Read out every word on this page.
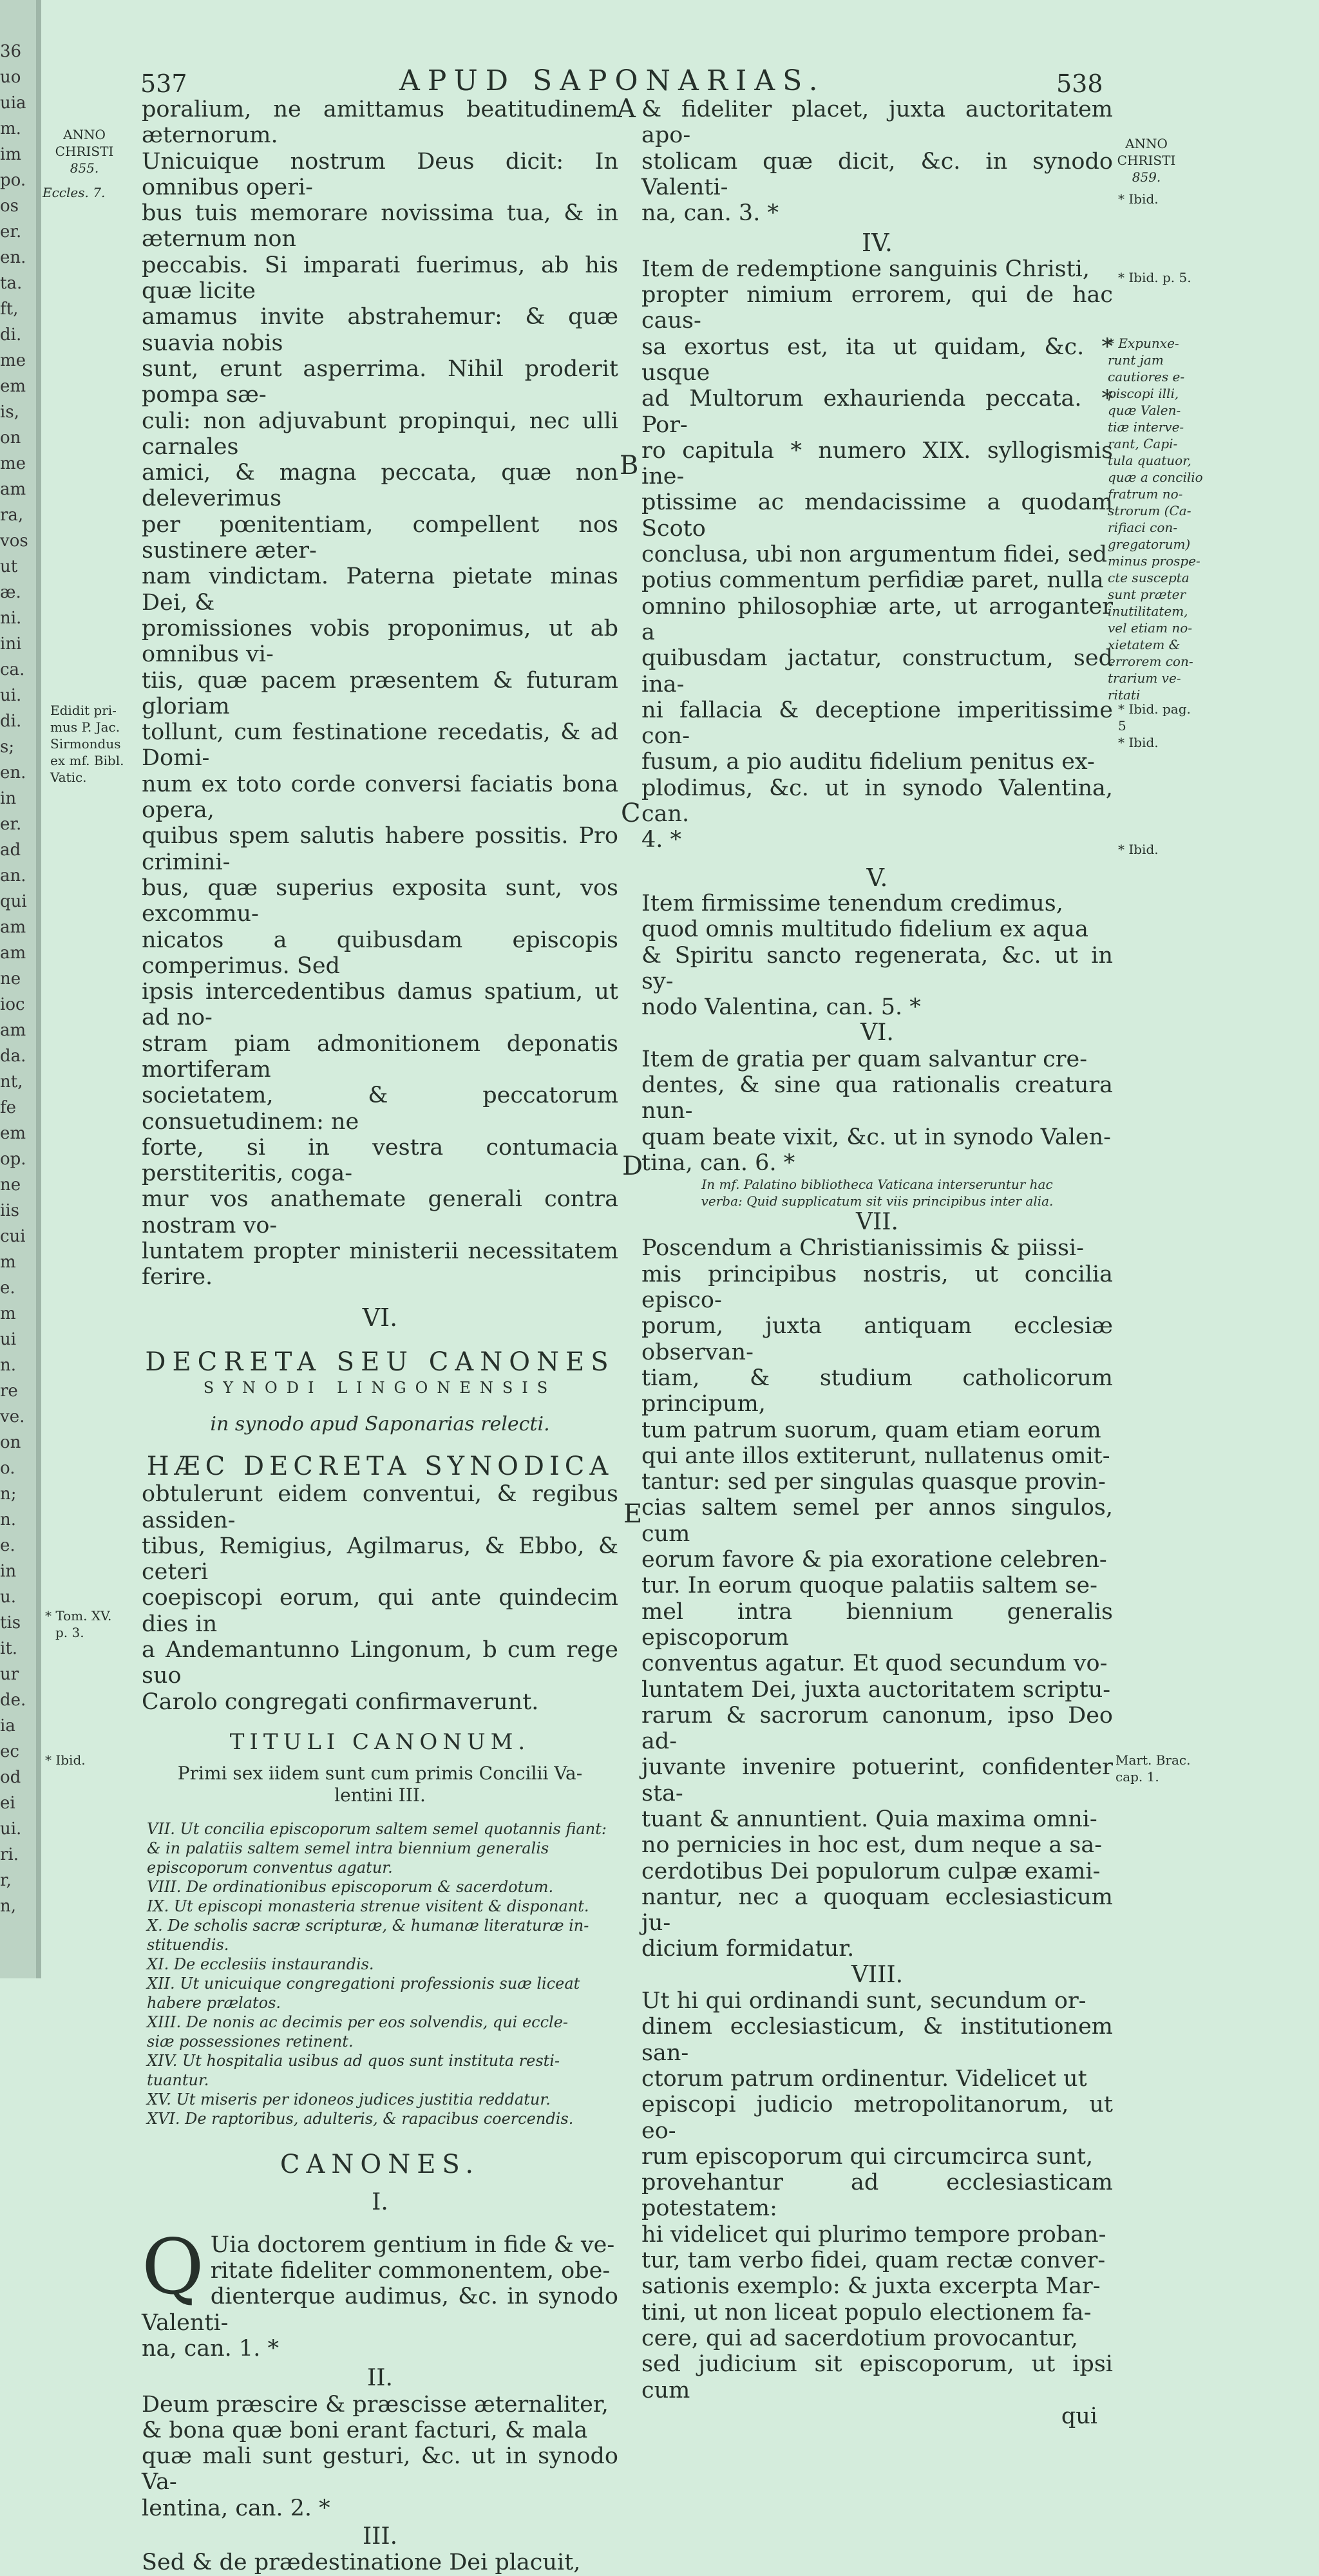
36
uo
uia
m.
im
po.
os
er.
en.
ta.
ft,
di.
me
em
is,
on
me
am
ra,
vos
ut
æ.
ni.
ini
ca.
ui.
di.
s;
en.
in
er.
ad
an.
qui
am
am
ne
ioc
am
da.
nt,
fe
em
op.
ne
iis
cui
m
e.
m
ui
n.
re
ve.
on
o.
n;
n.
e.
in
u.
tis
it.
ur
de.
ia
ec
od
ei
ui.
ri.
r,
n,
537	APUD SAPONARIAS.	538
ANNO
CHRISTI
855.
Eccles. 7.
Edidit pri-
mus P. Jac.
Sirmondus
ex mf. Bibl.
Vatic.
* Tom. XV.
p. 3.
* Ibid.
ANNO
CHRISTI
859.
* Ibid.
* Ibid. p. 5.
* Expunxe-
runt jam
cautiores e-
piscopi illi,
quæ Valen-
tiæ interve-
rant, Capi-
tula quatuor,
quæ a concilio
fratrum no-
strorum (Ca-
rifiaci con-
gregatorum)
minus prospe-
cte suscepta
sunt præter
inutilitatem,
vel etiam no-
xietatem &
errorem con-
trarium ve-
ritati
* Ibid. pag.
5
* Ibid.
* Ibid.
Mart. Brac.
cap. 1.
A
B
C
D
E
poralium, ne amittamus beatitudinem æternorum.
Unicuique nostrum Deus dicit: In omnibus operi-
bus tuis memorare novissima tua, & in æternum non
peccabis. Si imparati fuerimus, ab his quæ licite
amamus invite abstrahemur: & quæ suavia nobis
sunt, erunt asperrima. Nihil proderit pompa sæ-
culi: non adjuvabunt propinqui, nec ulli carnales
amici, & magna peccata, quæ non deleverimus
per pœnitentiam, compellent nos sustinere æter-
nam vindictam. Paterna pietate minas Dei, &
promissiones vobis proponimus, ut ab omnibus vi-
tiis, quæ pacem præsentem & futuram gloriam
tollunt, cum festinatione recedatis, & ad Domi-
num ex toto corde conversi faciatis bona opera,
quibus spem salutis habere possitis. Pro crimini-
bus, quæ superius exposita sunt, vos excommu-
nicatos a quibusdam episcopis comperimus. Sed
ipsis intercedentibus damus spatium, ut ad no-
stram piam admonitionem deponatis mortiferam
societatem, & peccatorum consuetudinem: ne
forte, si in vestra contumacia perstiteritis, coga-
mur vos anathemate generali contra nostram vo-
luntatem propter ministerii necessitatem ferire.

VI.

DECRETA SEU CANONES

SYNODI LINGONENSIS

in synodo apud Saponarias relecti.

HÆC DECRETA SYNODICA

obtulerunt eidem conventui, & regibus assiden-
tibus, Remigius, Agilmarus, & Ebbo, & ceteri
coepiscopi eorum, qui ante quindecim dies in
a Andemantunno Lingonum, b cum rege suo
Carolo congregati confirmaverunt.

TITULI CANONUM.

Primi sex iidem sunt cum primis Concilii Va-
lentini III.
VII. Ut concilia episcoporum saltem semel quotannis fiant:
& in palatiis saltem semel intra biennium generalis
episcoporum conventus agatur.
VIII. De ordinationibus episcoporum & sacerdotum.
IX. Ut episcopi monasteria strenue visitent & disponant.
X. De scholis sacræ scripturæ, & humanæ literaturæ in-
stituendis.
XI. De ecclesiis instaurandis.
XII. Ut unicuique congregationi professionis suæ liceat
habere prælatos.
XIII. De nonis ac decimis per eos solvendis, qui eccle-
siæ possessiones retinent.
XIV. Ut hospitalia usibus ad quos sunt instituta resti-
tuantur.
XV. Ut miseris per idoneos judices justitia reddatur.
XVI. De raptoribus, adulteris, & rapacibus coercendis.

CANONES.

I.

Q Uia doctorem gentium in fide & ve-
ritate fideliter commonentem, obe-
dienterque audimus, &c. in synodo Valenti-
na, can. 1. *

II.

Deum præscire & præscisse æternaliter,
& bona quæ boni erant facturi, & mala
quæ mali sunt gesturi, &c. ut in synodo Va-
lentina, can. 2. *

III.

Sed & de prædestinatione Dei placuit,

& fideliter placet, juxta auctoritatem apo-
stolicam quæ dicit, &c. in synodo Valenti-
na, can. 3. *

IV.

Item de redemptione sanguinis Christi,
propter nimium errorem, qui de hac caus-
sa exortus est, ita ut quidam, &c. * usque
ad Multorum exhaurienda peccata. * Por-
ro capitula * numero XIX. syllogismis ine-
ptissime ac mendacissime a quodam Scoto
conclusa, ubi non argumentum fidei, sed
potius commentum perfidiæ paret, nulla
omnino philosophiæ arte, ut arroganter a
quibusdam jactatur, constructum, sed ina-
ni fallacia & deceptione imperitissime con-
fusum, a pio auditu fidelium penitus ex-
plodimus, &c. ut in synodo Valentina, can.
4. *

V.

Item firmissime tenendum credimus,
quod omnis multitudo fidelium ex aqua
& Spiritu sancto regenerata, &c. ut in sy-
nodo Valentina, can. 5. *

VI.

Item de gratia per quam salvantur cre-
dentes, & sine qua rationalis creatura nun-
quam beate vixit, &c. ut in synodo Valen-
tina, can. 6. *
In mf. Palatino bibliotheca Vaticana interseruntur hac
verba: Quid supplicatum sit viis principibus inter alia.

VII.

Poscendum a Christianissimis & piissi-
mis principibus nostris, ut concilia episco-
porum, juxta antiquam ecclesiæ observan-
tiam, & studium catholicorum principum,
tum patrum suorum, quam etiam eorum
qui ante illos extiterunt, nullatenus omit-
tantur: sed per singulas quasque provin-
cias saltem semel per annos singulos, cum
eorum favore & pia exoratione celebren-
tur. In eorum quoque palatiis saltem se-
mel intra biennium generalis episcoporum
conventus agatur. Et quod secundum vo-
luntatem Dei, juxta auctoritatem scriptu-
rarum & sacrorum canonum, ipso Deo ad-
juvante invenire potuerint, confidenter sta-
tuant & annuntient. Quia maxima omni-
no pernicies in hoc est, dum neque a sa-
cerdotibus Dei populorum culpæ exami-
nantur, nec a quoquam ecclesiasticum ju-
dicium formidatur.

VIII.

Ut hi qui ordinandi sunt, secundum or-
dinem ecclesiasticum, & institutionem san-
ctorum patrum ordinentur. Videlicet ut
episcopi judicio metropolitanorum, ut eo-
rum episcoporum qui circumcirca sunt,
provehantur ad ecclesiasticam potestatem:
hi videlicet qui plurimo tempore proban-
tur, tam verbo fidei, quam rectæ conver-
sationis exemplo: & juxta excerpta Mar-
tini, ut non liceat populo electionem fa-
cere, qui ad sacerdotium provocantur,
sed judicium sit episcoporum, ut ipsi cum

qui
